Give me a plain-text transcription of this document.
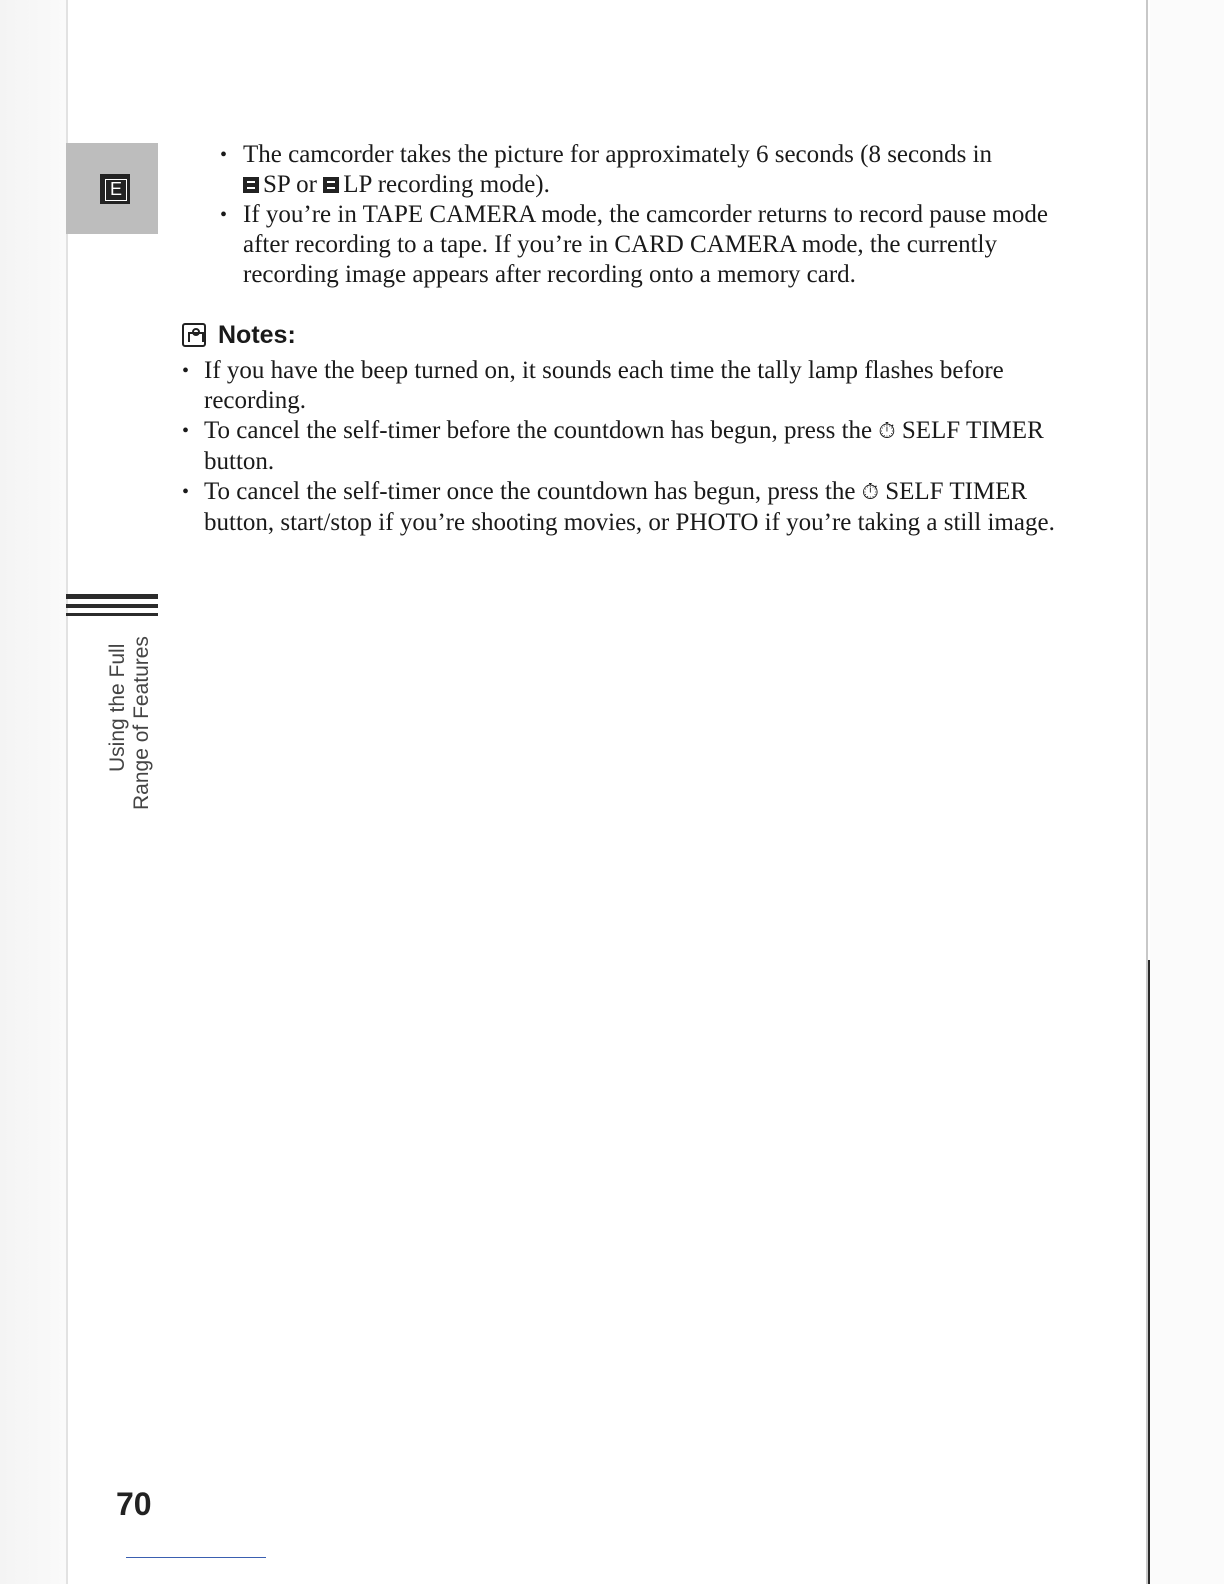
E
Using the Full Range of Features
• The camcorder takes the picture for approximately 6 seconds (8 seconds in
SP or LP recording mode).
• If you’re in TAPE CAMERA mode, the camcorder returns to record pause mode after recording to a tape. If you’re in CARD CAMERA mode, the currently recording image appears after recording onto a memory card.
Notes:
• If you have the beep turned on, it sounds each time the tally lamp flashes before recording.
• To cancel the self-timer before the countdown has begun, press the ⏱ SELF TIMER button.
• To cancel the self-timer once the countdown has begun, press the ⏱ SELF TIMER button, start/stop if you’re shooting movies, or PHOTO if you’re taking a still image.
70
